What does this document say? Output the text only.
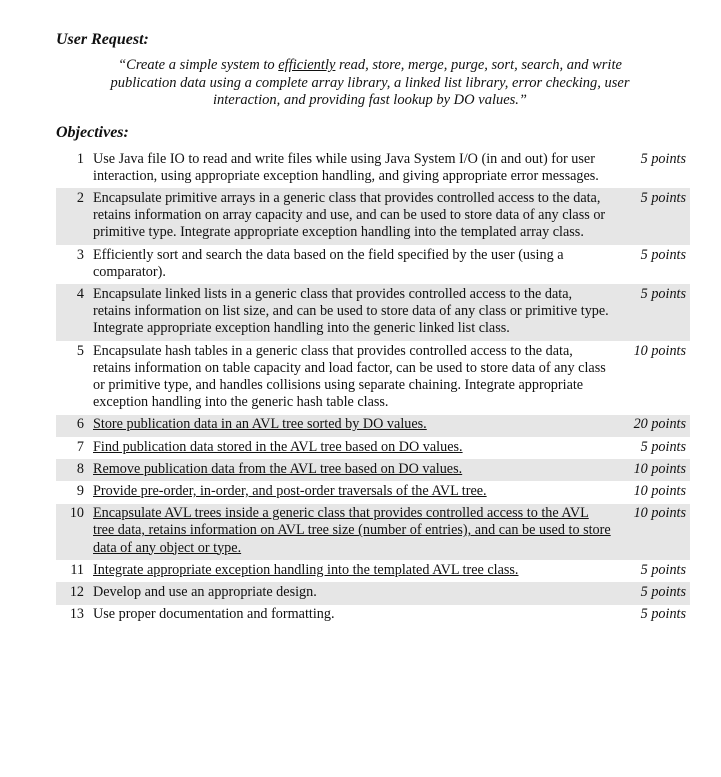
User Request:
“Create a simple system to efficiently read, store, merge, purge, sort, search, and write publication data using a complete array library, a linked list library, error checking, user interaction, and providing fast lookup by DO values.”
Objectives:
1 Use Java file IO to read and write files while using Java System I/O (in and out) for user interaction, using appropriate exception handling, and giving appropriate error messages.
5 points
2 Encapsulate primitive arrays in a generic class that provides controlled access to the data, retains information on array capacity and use, and can be used to store data of any class or primitive type. Integrate appropriate exception handling into the templated array class.
5 points
3 Efficiently sort and search the data based on the field specified by the user (using a comparator).
5 points
4 Encapsulate linked lists in a generic class that provides controlled access to the data, retains information on list size, and can be used to store data of any class or primitive type. Integrate appropriate exception handling into the generic linked list class.
5 points
5 Encapsulate hash tables in a generic class that provides controlled access to the data, retains information on table capacity and load factor, can be used to store data of any class or primitive type, and handles collisions using separate chaining. Integrate appropriate exception handling into the generic hash table class.
10 points
6 Store publication data in an AVL tree sorted by DO values.	20 points
7 Find publication data stored in the AVL tree based on DO values.	5 points
8 Remove publication data from the AVL tree based on DO values.	10 points
9 Provide pre-order, in-order, and post-order traversals of the AVL tree.	10 points
10 Encapsulate AVL trees inside a generic class that provides controlled access to the AVL tree data, retains information on AVL tree size (number of entries), and can be used to store data of any object or type.
10 points
11 Integrate appropriate exception handling into the templated AVL tree class.	5 points
12 Develop and use an appropriate design.	5 points
13 Use proper documentation and formatting.	5 points
